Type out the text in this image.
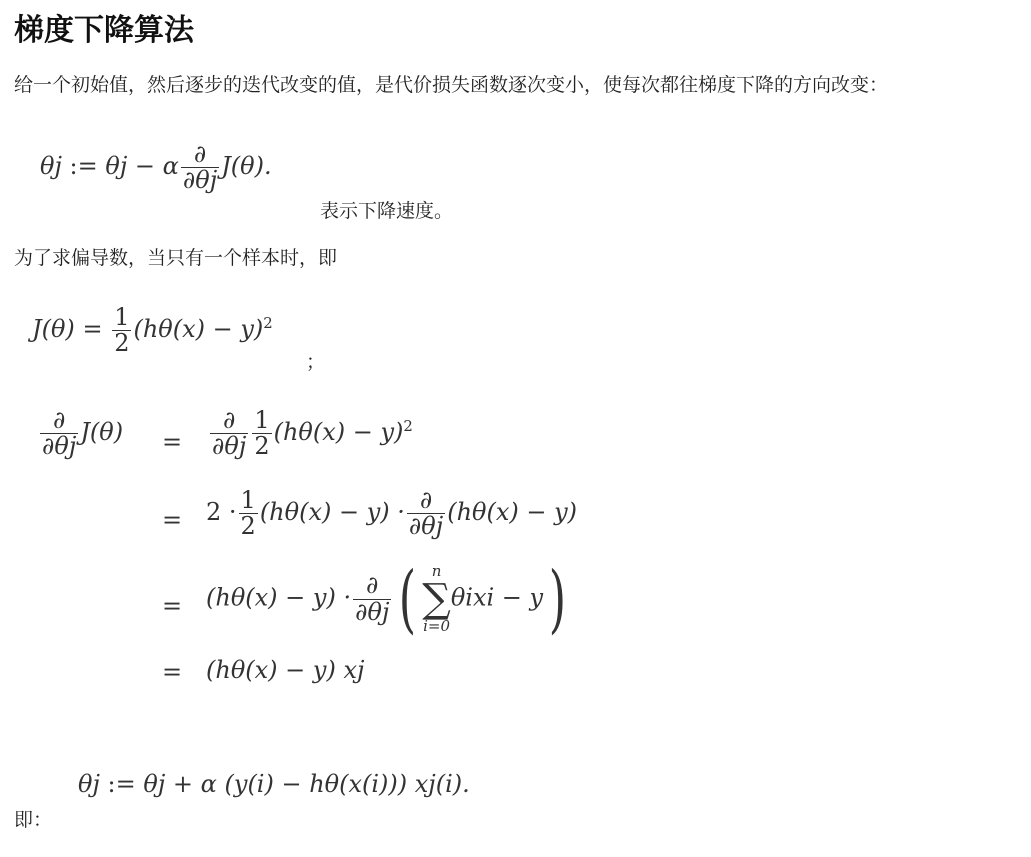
梯度下降算法
给一个初始值，然后逐步的迭代改变的值，是代价损失函数逐次变小，使每次都往梯度下降的方向改变：
θj := θj − α $\frac{\partial}{\partial\theta j} J(\theta)$.
表示下降速度。
为了求偏导数，当只有一个样本时，即
$J(\theta) = \frac{1}{2} (h\theta(x) - y)^2$
；
$\frac{\partial}{\partial\theta j} J(\theta) = \frac{\partial}{\partial\theta j} \frac{1}{2} (h\theta(x) - y)^2$
= $2 \cdot \frac{1}{2} (h\theta(x) - y) \cdot \frac{\partial}{\partial\theta j} (h\theta(x) - y)$
= $(h\theta(x) - y) \cdot \frac{\partial}{\partial\theta j}$ (	n
∑
i=0
θixi − y)
= (hθ(x) − y) xj
θj := θj + α (y(i) − hθ(x(i))) xj(i).
即：
